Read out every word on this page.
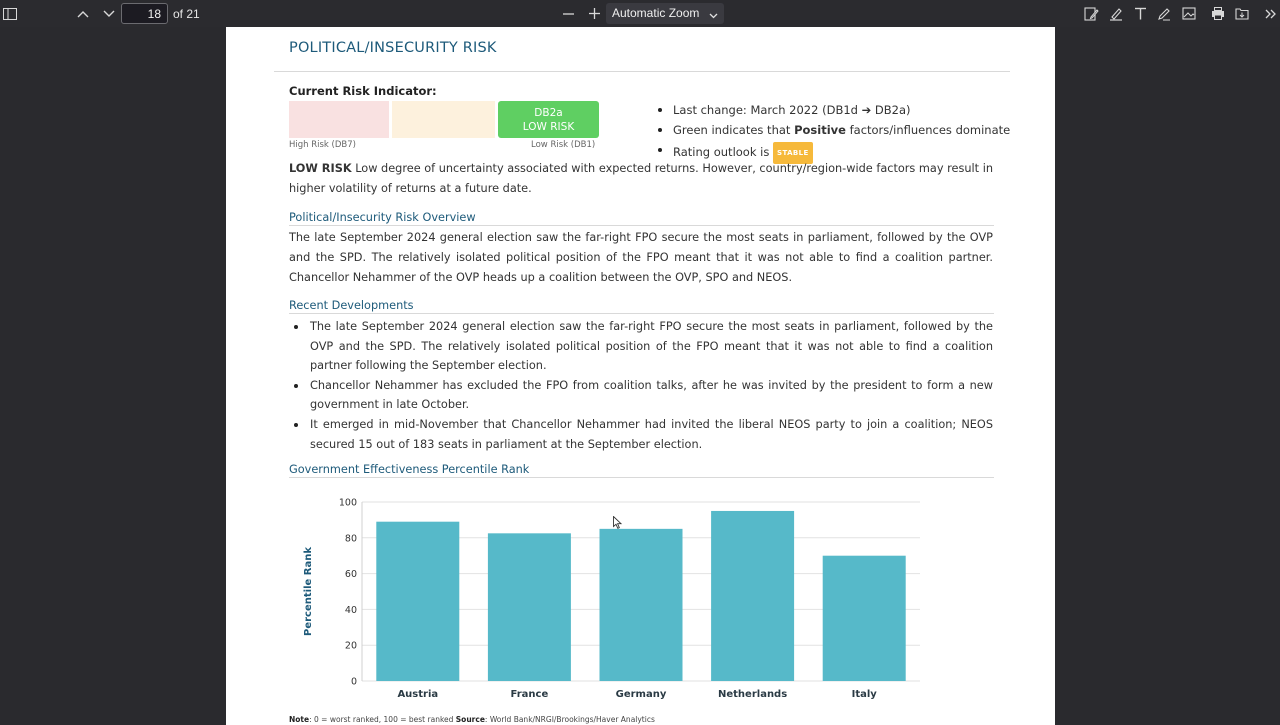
18
of 21	Automatic Zoom
POLITICAL/INSECURITY RISK
Current Risk Indicator:
DB2a
LOW RISK
High Risk (DB7)	Low Risk (DB1)
Last change: March 2022 (DB1d ➔ DB2a)
Green indicates that Positive factors/influences dominate
Rating outlook is STABLE

LOW RISK Low degree of uncertainty associated with expected returns. However, country/region-wide factors may result in higher volatility of returns at a future date.

Political/Insecurity Risk Overview

The late September 2024 general election saw the far-right FPO secure the most seats in parliament, followed by the OVP and the SPD. The relatively isolated political position of the FPO meant that it was not able to find a coalition partner. Chancellor Nehammer of the OVP heads up a coalition between the OVP, SPO and NEOS.

Recent Developments
The late September 2024 general election saw the far-right FPO secure the most seats in parliament, followed by the OVP and the SPD. The relatively isolated political position of the FPO meant that it was not able to find a coalition partner following the September election.
Chancellor Nehammer has excluded the FPO from coalition talks, after he was invited by the president to form a new government in late October.
It emerged in mid-November that Chancellor Nehammer had invited the liberal NEOS party to join a coalition; NEOS secured 15 out of 183 seats in parliament at the September election.
Government Effectiveness Percentile Rank
0
20
40
60
80
100
Austria	France	Germany	Netherlands	Italy
Percentile Rank
Note: 0 = worst ranked, 100 = best ranked Source: World Bank/NRGI/Brookings/Haver Analytics
